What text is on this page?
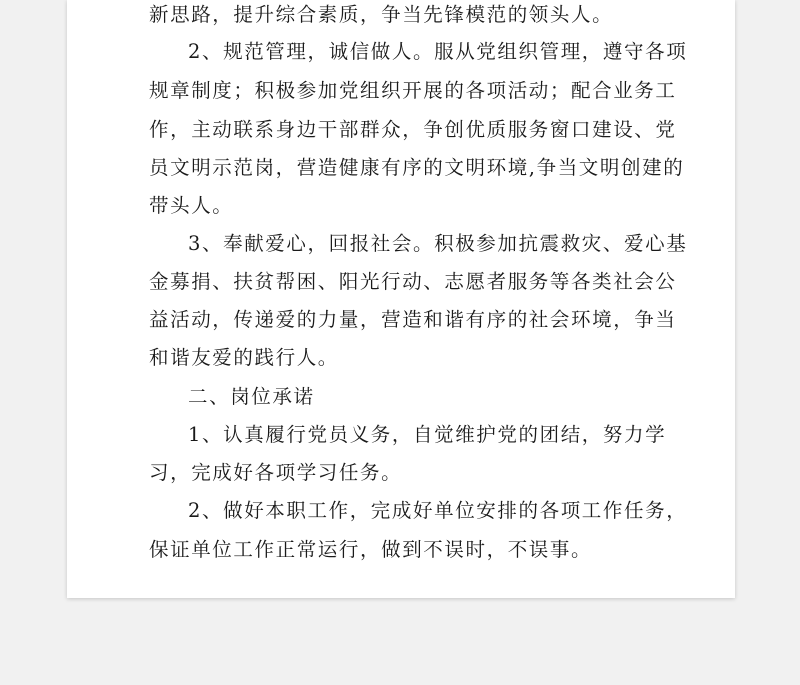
新思路，提升综合素质，争当先锋模范的领头人。
2、规范管理，诚信做人。服从党组织管理，遵守各项
规章制度；积极参加党组织开展的各项活动；配合业务工
作，主动联系身边干部群众，争创优质服务窗口建设、党
员文明示范岗，营造健康有序的文明环境,争当文明创建的
带头人。
3、奉献爱心，回报社会。积极参加抗震救灾、爱心基
金募捐、扶贫帮困、阳光行动、志愿者服务等各类社会公
益活动，传递爱的力量，营造和谐有序的社会环境，争当
和谐友爱的践行人。
二、岗位承诺
1、认真履行党员义务，自觉维护党的团结，努力学
习，完成好各项学习任务。
2、做好本职工作，完成好单位安排的各项工作任务，
保证单位工作正常运行，做到不误时，不误事。
